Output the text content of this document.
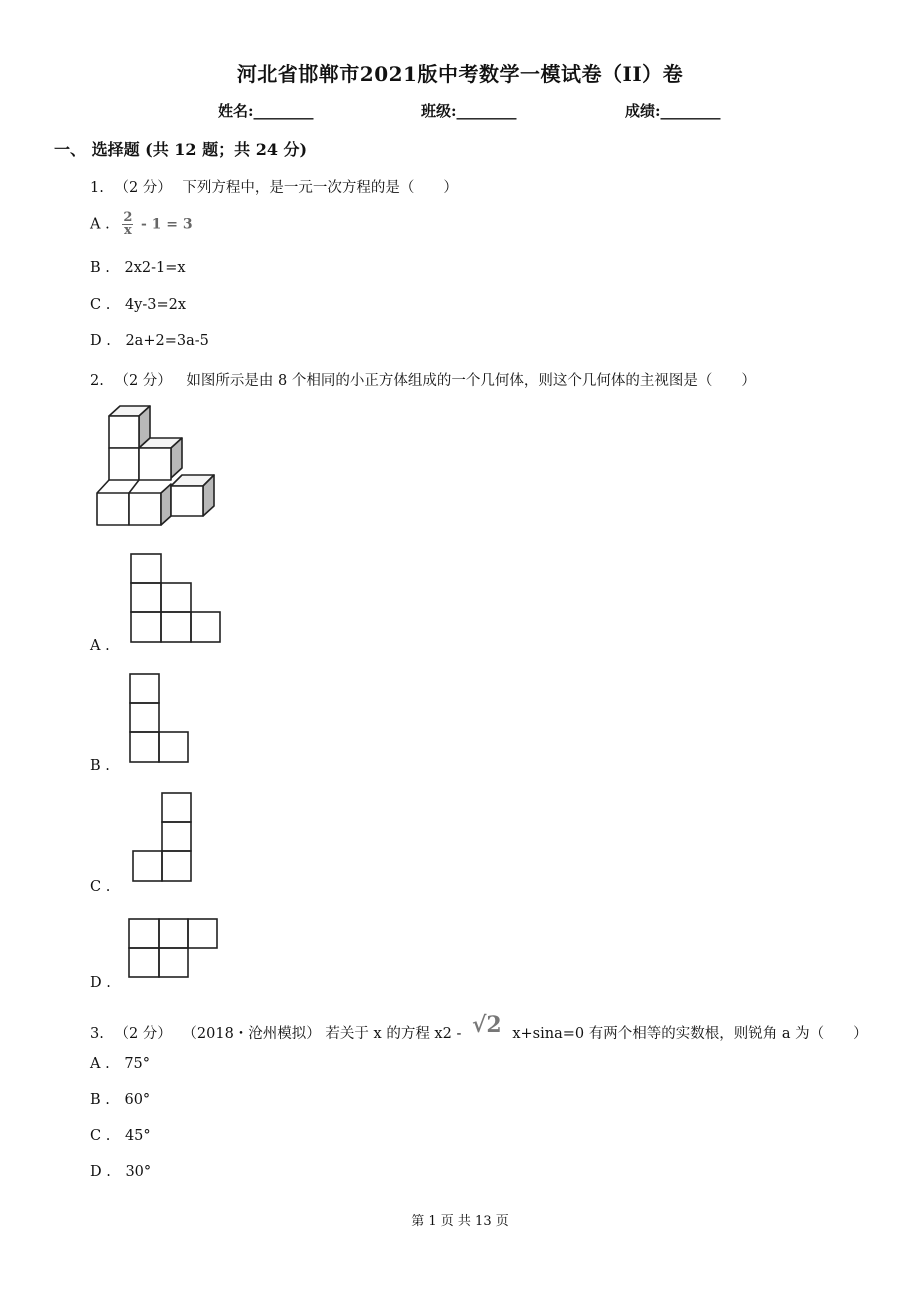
河北省邯郸市2021版中考数学一模试卷（II）卷
姓名:________	班级:________	成绩:________
一、 选择题 (共 12 题；共 24 分)
1. （2 分） 下列方程中，是一元一次方程的是（　　）
A . $\frac{2}{x} - 1 = 3$
B . 2x2-1=x
C . 4y-3=2x
D . 2a+2=3a-5
2. （2 分） 如图所示是由 8 个相同的小正方体组成的一个几何体，则这个几何体的主视图是（　　）
A .
B .
C .
D .
3. （2 分） （2018・沧州模拟） 若关于 x 的方程 x2 - √2 x+sina=0 有两个相等的实数根，则锐角 a 为（　　）
A . 75°
B . 60°
C . 45°
D . 30°
第 1 页 共 13 页
